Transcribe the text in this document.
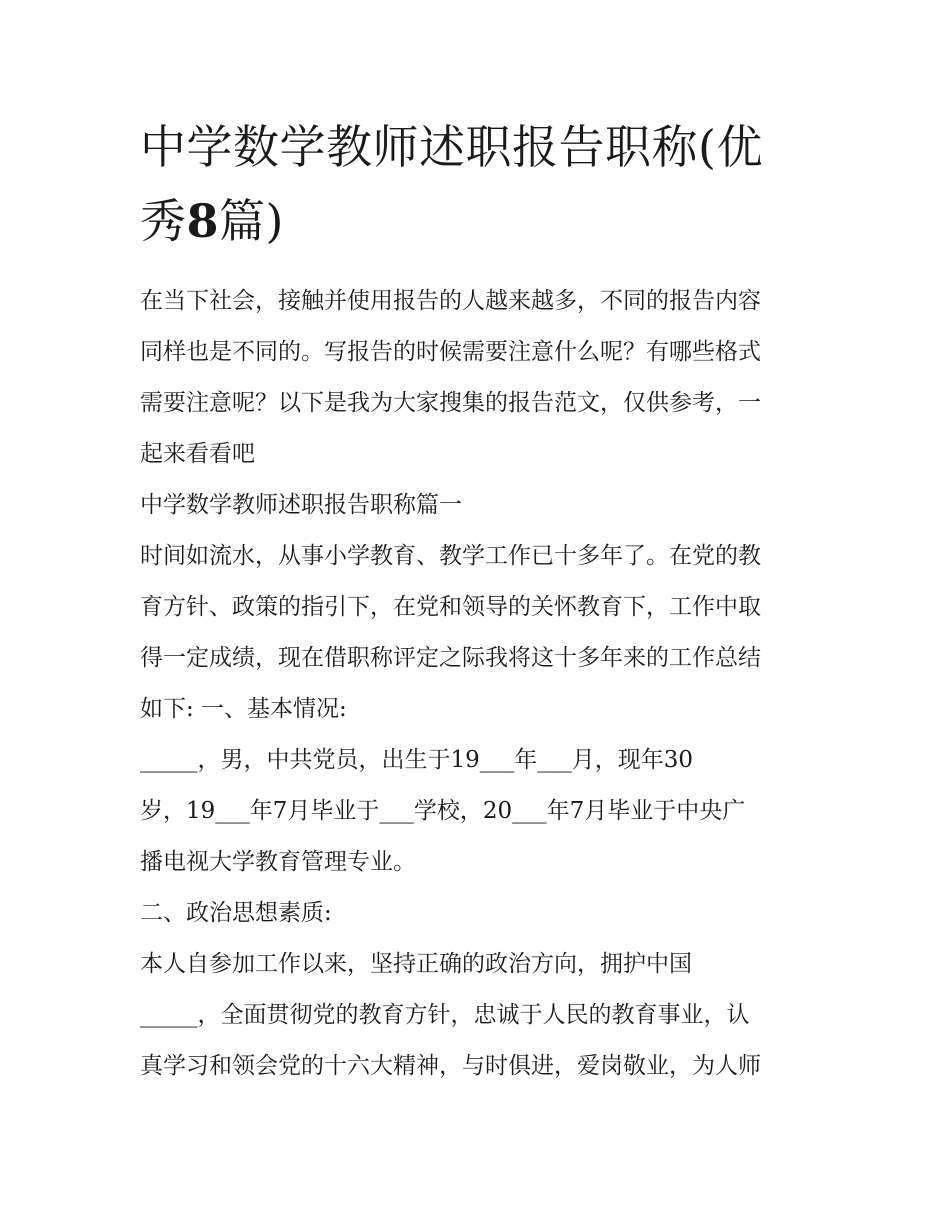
中学数学教师述职报告职称(优
秀8篇)

在当下社会，接触并使用报告的人越来越多，不同的报告内容
同样也是不同的。写报告的时候需要注意什么呢？有哪些格式
需要注意呢？以下是我为大家搜集的报告范文，仅供参考，一
起来看看吧

中学数学教师述职报告职称篇一

时间如流水，从事小学教育、教学工作已十多年了。在党的教
育方针、政策的指引下，在党和领导的关怀教育下，工作中取
得一定成绩，现在借职称评定之际我将这十多年来的工作总结
如下: 一、基本情况:
_____，男，中共党员，出生于19___年___月，现年30
岁，19___年7月毕业于___学校，20___年7月毕业于中央广
播电视大学教育管理专业。
二、政治思想素质:
本人自参加工作以来，坚持正确的政治方向，拥护中国
_____，全面贯彻党的教育方针，忠诚于人民的教育事业，认
真学习和领会党的十六大精神，与时俱进，爱岗敬业，为人师
